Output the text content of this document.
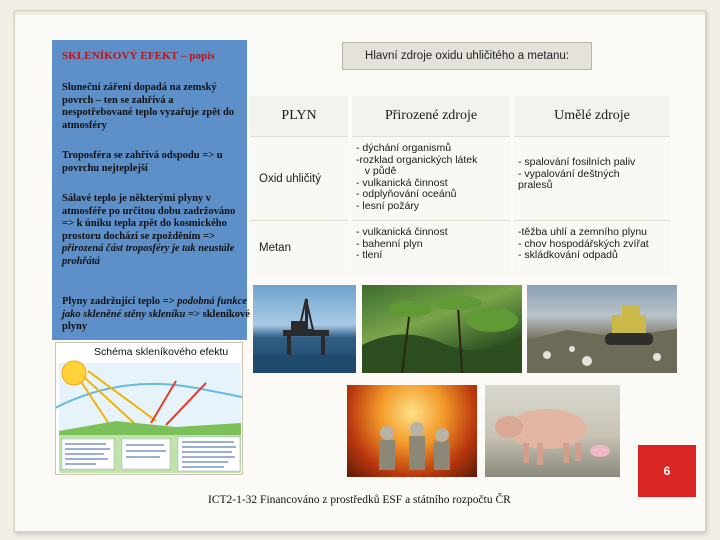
SKLENÍKOVÝ EFEKT – popis
Sluneční záření dopadá na zemský povrch – ten se zahřívá a nespotřebované teplo vyzařuje zpět do atmosféry
Troposféra se zahřívá odspodu => u povrchu nejteplejší
Sálavé teplo je některými plyny v atmosféře po určitou dobu zadržováno => k úniku tepla zpět do kosmického prostoru dochází se zpožděním => přirozená část troposféry je tak neustále prohřátá
Plyny zadržující teplo => podobná funkce jako skleněné stěny skleníku => skleníkové plyny
Schéma skleníkového efektu
Hlavní zdroje oxidu uhličitého a metanu:
PLYN	Přirozené zdroje	Umělé zdroje
Oxid uhličitý
- dýchání organismů
-rozklad organických látek
v půdě
- vulkanická činnost
- odplyňování oceánů
- lesní požáry
- spalování fosilních paliv
- vypalování deštných
pralesů
Metan
- vulkanická činnost
- bahenní plyn
- tlení
-těžba uhlí a zemního plynu
- chov hospodářských zvířat
- skládkování odpadů
6
ICT2-1-32 Financováno z prostředků ESF a státního rozpočtu ČR
